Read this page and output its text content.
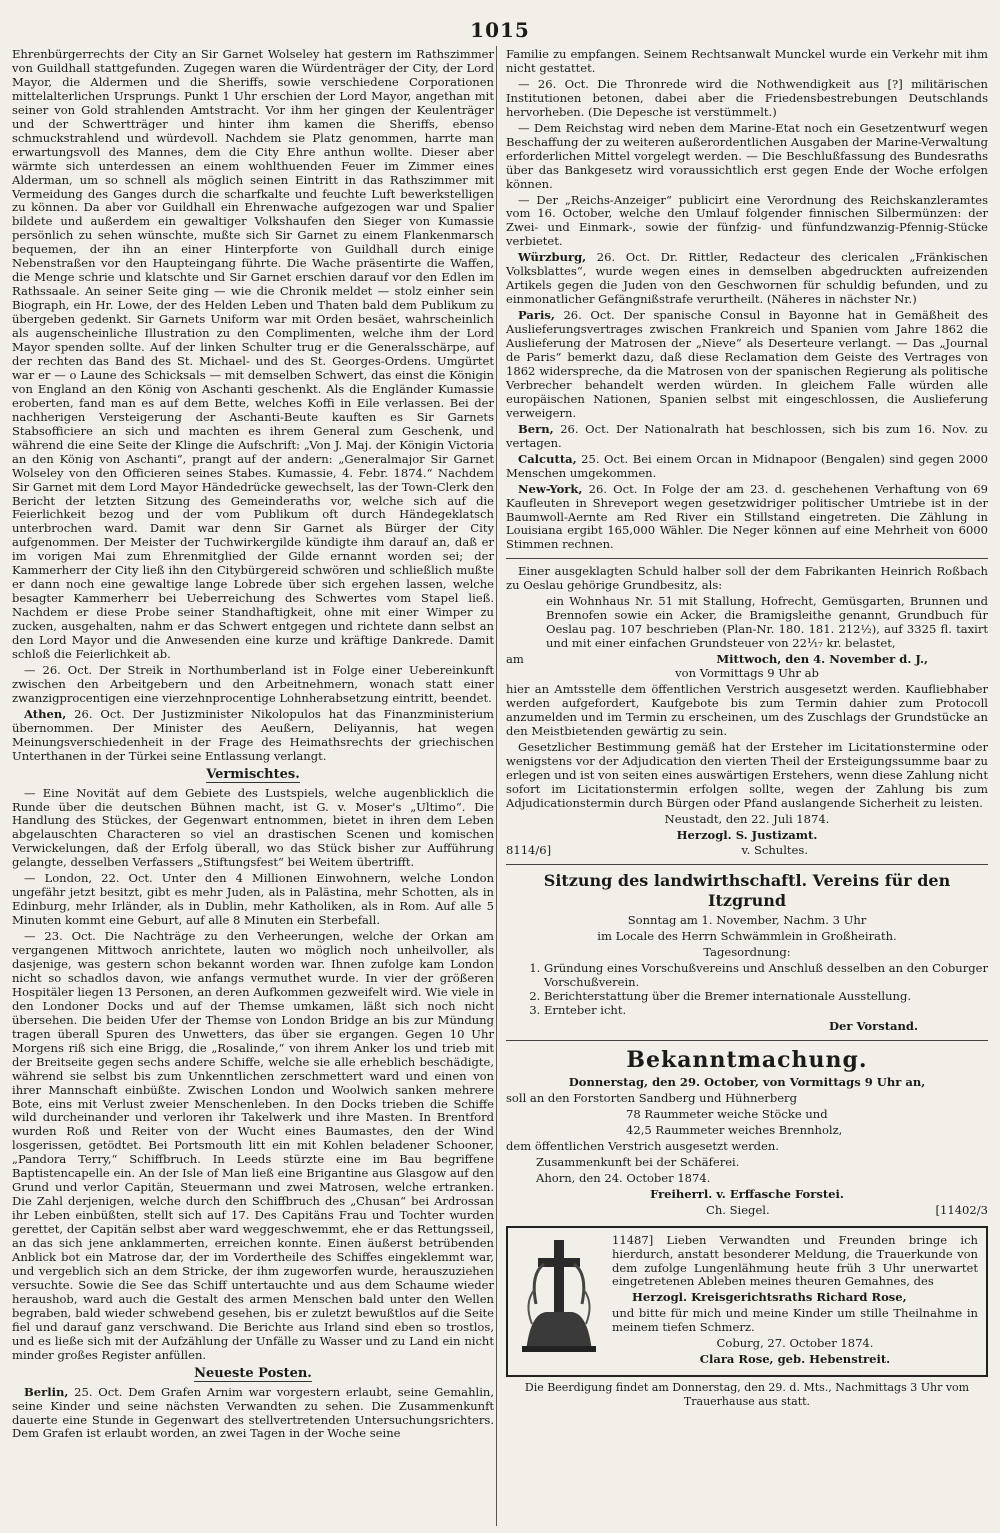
1015

Ehrenbürgerrechts der City an Sir Garnet Wolseley hat gestern im Rathszimmer von Guildhall stattgefunden. Zugegen waren die Würdenträger der City, der Lord Mayor, die Aldermen und die Sheriffs, sowie verschiedene Corporationen mittelalterlichen Ursprungs. Punkt 1 Uhr erschien der Lord Mayor, angethan mit seiner von Gold strahlenden Amtstracht. Vor ihm her gingen der Keulenträger und der Schwertträger und hinter ihm kamen die Sheriffs, ebenso schmuckstrahlend und würdevoll. Nachdem sie Platz genommen, harrte man erwartungsvoll des Mannes, dem die City Ehre anthun wollte. Dieser aber wärmte sich unterdessen an einem wohlthuenden Feuer im Zimmer eines Alderman, um so schnell als möglich seinen Eintritt in das Rathszimmer mit Vermeidung des Ganges durch die scharfkalte und feuchte Luft bewerkstelligen zu können. Da aber vor Guildhall ein Ehrenwache aufgezogen war und Spalier bildete und außerdem ein gewaltiger Volkshaufen den Sieger von Kumassie persönlich zu sehen wünschte, mußte sich Sir Garnet zu einem Flankenmarsch bequemen, der ihn an einer Hinterpforte von Guildhall durch einige Nebenstraßen vor den Haupteingang führte. Die Wache präsentirte die Waffen, die Menge schrie und klatschte und Sir Garnet erschien darauf vor den Edlen im Rathssaale. An seiner Seite ging — wie die Chronik meldet — stolz einher sein Biograph, ein Hr. Lowe, der des Helden Leben und Thaten bald dem Publikum zu übergeben gedenkt. Sir Garnets Uniform war mit Orden besäet, wahrscheinlich als augenscheinliche Illustration zu den Complimenten, welche ihm der Lord Mayor spenden sollte. Auf der linken Schulter trug er die Generalsschärpe, auf der rechten das Band des St. Michael- und des St. Georges-Ordens. Umgürtet war er — o Laune des Schicksals — mit demselben Schwert, das einst die Königin von England an den König von Aschanti geschenkt. Als die Engländer Kumassie eroberten, fand man es auf dem Bette, welches Koffi in Eile verlassen. Bei der nachherigen Versteigerung der Aschanti-Beute kauften es Sir Garnets Stabsofficiere an sich und machten es ihrem General zum Geschenk, und während die eine Seite der Klinge die Aufschrift: „Von J. Maj. der Königin Victoria an den König von Aschanti“, prangt auf der andern: „Generalmajor Sir Garnet Wolseley von den Officieren seines Stabes. Kumassie, 4. Febr. 1874.“ Nachdem Sir Garnet mit dem Lord Mayor Händedrücke gewechselt, las der Town-Clerk den Bericht der letzten Sitzung des Gemeinderaths vor, welche sich auf die Feierlichkeit bezog und der vom Publikum oft durch Händegeklatsch unterbrochen ward. Damit war denn Sir Garnet als Bürger der City aufgenommen. Der Meister der Tuchwirkergilde kündigte ihm darauf an, daß er im vorigen Mai zum Ehrenmitglied der Gilde ernannt worden sei; der Kammerherr der City ließ ihn den Citybürgereid schwören und schließlich mußte er dann noch eine gewaltige lange Lobrede über sich ergehen lassen, welche besagter Kammerherr bei Ueberreichung des Schwertes vom Stapel ließ. Nachdem er diese Probe seiner Standhaftigkeit, ohne mit einer Wimper zu zucken, ausgehalten, nahm er das Schwert entgegen und richtete dann selbst an den Lord Mayor und die Anwesenden eine kurze und kräftige Dankrede. Damit schloß die Feierlichkeit ab.

— 26. Oct. Der Streik in Northumberland ist in Folge einer Uebereinkunft zwischen den Arbeitgebern und den Arbeitnehmern, wonach statt einer zwanzigprocentigen eine vierzehnprocentige Lohnherabsetzung eintritt, beendet.

Athen, 26. Oct. Der Justizminister Nikolopulos hat das Finanzministerium übernommen. Der Minister des Aeußern, Deliyannis, hat wegen Meinungsverschiedenheit in der Frage des Heimathsrechts der griechischen Unterthanen in der Türkei seine Entlassung verlangt.

Vermischtes.

— Eine Novität auf dem Gebiete des Lustspiels, welche augenblicklich die Runde über die deutschen Bühnen macht, ist G. v. Moser's „Ultimo“. Die Handlung des Stückes, der Gegenwart entnommen, bietet in ihren dem Leben abgelauschten Characteren so viel an drastischen Scenen und komischen Verwickelungen, daß der Erfolg überall, wo das Stück bisher zur Aufführung gelangte, desselben Verfassers „Stiftungsfest“ bei Weitem übertrifft.

— London, 22. Oct. Unter den 4 Millionen Einwohnern, welche London ungefähr jetzt besitzt, gibt es mehr Juden, als in Palästina, mehr Schotten, als in Edinburg, mehr Irländer, als in Dublin, mehr Katholiken, als in Rom. Auf alle 5 Minuten kommt eine Geburt, auf alle 8 Minuten ein Sterbefall.

— 23. Oct. Die Nachträge zu den Verheerungen, welche der Orkan am vergangenen Mittwoch anrichtete, lauten wo möglich noch unheilvoller, als dasjenige, was gestern schon bekannt worden war. Ihnen zufolge kam London nicht so schadlos davon, wie anfangs vermuthet wurde. In vier der größeren Hospitäler liegen 13 Personen, an deren Aufkommen gezweifelt wird. Wie viele in den Londoner Docks und auf der Themse umkamen, läßt sich noch nicht übersehen. Die beiden Ufer der Themse von London Bridge an bis zur Mündung tragen überall Spuren des Unwetters, das über sie ergangen. Gegen 10 Uhr Morgens riß sich eine Brigg, die „Rosalinde,“ von ihrem Anker los und trieb mit der Breitseite gegen sechs andere Schiffe, welche sie alle erheblich beschädigte, während sie selbst bis zum Unkenntlichen zerschmettert ward und einen von ihrer Mannschaft einbüßte. Zwischen London und Woolwich sanken mehrere Bote, eins mit Verlust zweier Menschenleben. In den Docks trieben die Schiffe wild durcheinander und verloren ihr Takelwerk und ihre Masten. In Brentford wurden Roß und Reiter von der Wucht eines Baumastes, den der Wind losgerissen, getödtet. Bei Portsmouth litt ein mit Kohlen beladener Schooner, „Pandora Terry,“ Schiffbruch. In Leeds stürzte eine im Bau begriffene Baptistencapelle ein. An der Isle of Man ließ eine Brigantine aus Glasgow auf den Grund und verlor Capitän, Steuermann und zwei Matrosen, welche ertranken. Die Zahl derjenigen, welche durch den Schiffbruch des „Chusan“ bei Ardrossan ihr Leben einbüßten, stellt sich auf 17. Des Capitäns Frau und Tochter wurden gerettet, der Capitän selbst aber ward weggeschwemmt, ehe er das Rettungsseil, an das sich jene anklammerten, erreichen konnte. Einen äußerst betrübenden Anblick bot ein Matrose dar, der im Vordertheile des Schiffes eingeklemmt war, und vergeblich sich an dem Stricke, der ihm zugeworfen wurde, herauszuziehen versuchte. Sowie die See das Schiff untertauchte und aus dem Schaume wieder heraushob, ward auch die Gestalt des armen Menschen bald unter den Wellen begraben, bald wieder schwebend gesehen, bis er zuletzt bewußtlos auf die Seite fiel und darauf ganz verschwand. Die Berichte aus Irland sind eben so trostlos, und es ließe sich mit der Aufzählung der Unfälle zu Wasser und zu Land ein nicht minder großes Register anfüllen.

Neueste Posten.

Berlin, 25. Oct. Dem Grafen Arnim war vorgestern erlaubt, seine Gemahlin, seine Kinder und seine nächsten Verwandten zu sehen. Die Zusammenkunft dauerte eine Stunde in Gegenwart des stellvertretenden Untersuchungsrichters. Dem Grafen ist erlaubt worden, an zwei Tagen in der Woche seine

Familie zu empfangen. Seinem Rechtsanwalt Munckel wurde ein Verkehr mit ihm nicht gestattet.

— 26. Oct. Die Thronrede wird die Nothwendigkeit aus [?] militärischen Institutionen betonen, dabei aber die Friedensbestrebungen Deutschlands hervorheben. (Die Depesche ist verstümmelt.)

— Dem Reichstag wird neben dem Marine-Etat noch ein Gesetzentwurf wegen Beschaffung der zu weiteren außerordentlichen Ausgaben der Marine-Verwaltung erforderlichen Mittel vorgelegt werden. — Die Beschlußfassung des Bundesraths über das Bankgesetz wird voraussichtlich erst gegen Ende der Woche erfolgen können.

— Der „Reichs-Anzeiger“ publicirt eine Verordnung des Reichskanzleramtes vom 16. October, welche den Umlauf folgender finnischen Silbermünzen: der Zwei- und Einmark-, sowie der fünfzig- und fünfundzwanzig-Pfennig-Stücke verbietet.

Würzburg, 26. Oct. Dr. Rittler, Redacteur des clericalen „Fränkischen Volksblattes“, wurde wegen eines in demselben abgedruckten aufreizenden Artikels gegen die Juden von den Geschwornen für schuldig befunden, und zu einmonatlicher Gefängnißstrafe verurtheilt. (Näheres in nächster Nr.)

Paris, 26. Oct. Der spanische Consul in Bayonne hat in Gemäßheit des Auslieferungsvertrages zwischen Frankreich und Spanien vom Jahre 1862 die Auslieferung der Matrosen der „Nieve“ als Deserteure verlangt. — Das „Journal de Paris“ bemerkt dazu, daß diese Reclamation dem Geiste des Vertrages von 1862 widerspreche, da die Matrosen von der spanischen Regierung als politische Verbrecher behandelt werden würden. In gleichem Falle würden alle europäischen Nationen, Spanien selbst mit eingeschlossen, die Auslieferung verweigern.

Bern, 26. Oct. Der Nationalrath hat beschlossen, sich bis zum 16. Nov. zu vertagen.

Calcutta, 25. Oct. Bei einem Orcan in Midnapoor (Bengalen) sind gegen 2000 Menschen umgekommen.

New-York, 26. Oct. In Folge der am 23. d. geschehenen Verhaftung von 69 Kaufleuten in Shreveport wegen gesetzwidriger politischer Umtriebe ist in der Baumwoll-Aernte am Red River ein Stillstand eingetreten. Die Zählung in Louisiana ergibt 165,000 Wähler. Die Neger können auf eine Mehrheit von 6000 Stimmen rechnen.

Einer ausgeklagten Schuld halber soll der dem Fabrikanten Heinrich Roßbach zu Oeslau gehörige Grundbesitz, als:

ein Wohnhaus Nr. 51 mit Stallung, Hofrecht, Gemüsgarten, Brunnen und Brennofen sowie ein Acker, die Bramigsleithe genannt, Grundbuch für Oeslau pag. 107 beschrieben (Plan-Nr. 180. 181. 212½), auf 3325 fl. taxirt und mit einer einfachen Grundsteuer von 22¹⁄₁₇ kr. belastet,

am	Mittwoch, den 4. November d. J.,

von Vormittags 9 Uhr ab

hier an Amtsstelle dem öffentlichen Verstrich ausgesetzt werden. Kaufliebhaber werden aufgefordert, Kaufgebote bis zum Termin dahier zum Protocoll anzumelden und im Termin zu erscheinen, um des Zuschlags der Grundstücke an den Meistbietenden gewärtig zu sein.

Gesetzlicher Bestimmung gemäß hat der Ersteher im Licitationstermine oder wenigstens vor der Adjudication den vierten Theil der Ersteigungssumme baar zu erlegen und ist von seiten eines auswärtigen Erstehers, wenn diese Zahlung nicht sofort im Licitationstermin erfolgen sollte, wegen der Zahlung bis zum Adjudicationstermin durch Bürgen oder Pfand auslangende Sicherheit zu leisten.

Neustadt, den 22. Juli 1874.

Herzogl. S. Justizamt.

8114/6]	v. Schultes.
Sitzung des landwirthschaftl. Vereins für den Itzgrund

Sonntag am 1. November, Nachm. 3 Uhr

im Locale des Herrn Schwämmlein in Großheirath.

Tagesordnung:

1. Gründung eines Vorschußvereins und Anschluß desselben an den Coburger Vorschußverein.
2. Berichterstattung über die Bremer internationale Ausstellung.
3. Ernteber icht.

Der Vorstand.

Bekanntmachung.

Donnerstag, den 29. October, von Vormittags 9 Uhr an,

soll an den Forstorten Sandberg und Hühnerberg

78 Raummeter weiche Stöcke und

42,5 Raummeter weiches Brennholz,

dem öffentlichen Verstrich ausgesetzt werden.

Zusammenkunft bei der Schäferei.

Ahorn, den 24. October 1874.

Freiherrl. v. Erffasche Forstei.

Ch. Siegel.	[11402/3

11487] Lieben Verwandten und Freunden bringe ich hierdurch, anstatt besonderer Meldung, die Trauerkunde von dem zufolge Lungenlähmung heute früh 3 Uhr unerwartet eingetretenen Ableben meines theuren Gemahnes, des

Herzogl. Kreisgerichtsraths Richard Rose,

und bitte für mich und meine Kinder um stille Theilnahme in meinem tiefen Schmerz.

Coburg, 27. October 1874.

Clara Rose, geb. Hebenstreit.

Die Beerdigung findet am Donnerstag, den 29. d. Mts., Nachmittags 3 Uhr vom Trauerhause aus statt.
